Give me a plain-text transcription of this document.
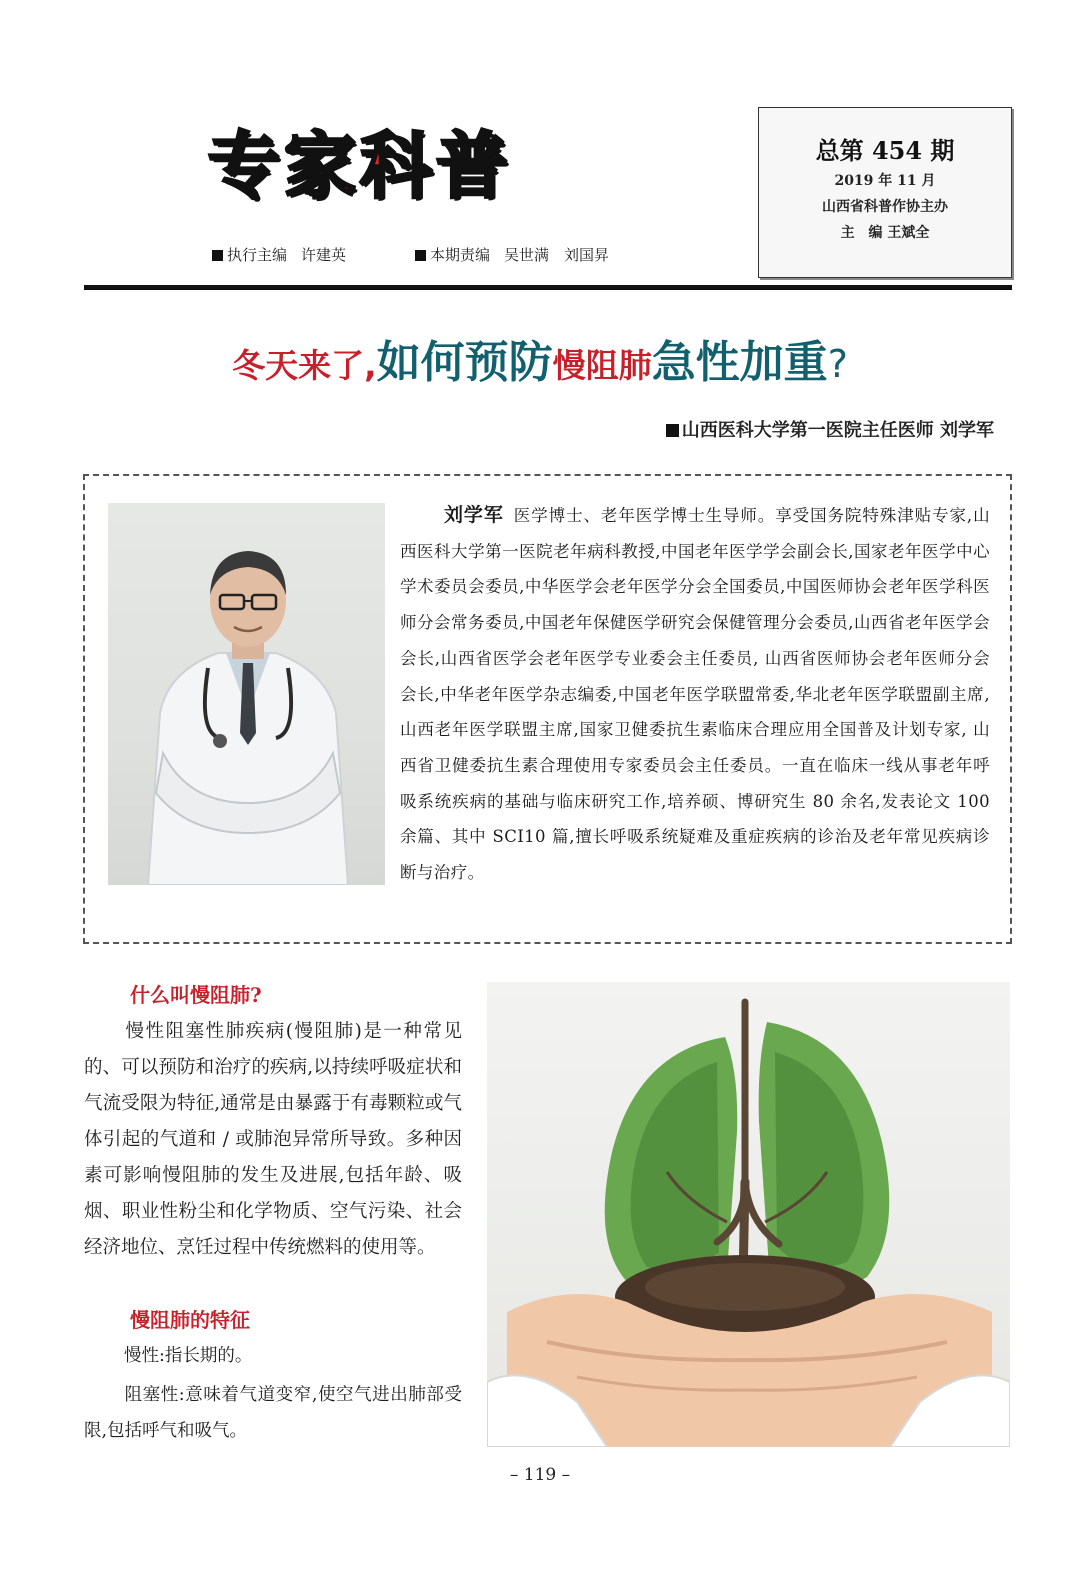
专家科普
执行主编 许建英	本期责编 吴世满　刘国昇
总第 454 期
2019 年 11 月
山西省科普作协主办
主　编 王斌全
冬天来了,如何预防慢阻肺急性加重?
山西医科大学第一医院主任医师 刘学军
刘学军 医学博士、老年医学博士生导师。享受国务院特殊津贴专家,山西医科大学第一医院老年病科教授,中国老年医学学会副会长,国家老年医学中心学术委员会委员,中华医学会老年医学分会全国委员,中国医师协会老年医学科医师分会常务委员,中国老年保健医学研究会保健管理分会委员,山西省老年医学会会长,山西省医学会老年医学专业委会主任委员, 山西省医师协会老年医师分会会长,中华老年医学杂志编委,中国老年医学联盟常委,华北老年医学联盟副主席,山西老年医学联盟主席,国家卫健委抗生素临床合理应用全国普及计划专家, 山西省卫健委抗生素合理使用专家委员会主任委员。一直在临床一线从事老年呼吸系统疾病的基础与临床研究工作,培养硕、博研究生 80 余名,发表论文 100 余篇、其中 SCI10 篇,擅长呼吸系统疑难及重症疾病的诊治及老年常见疾病诊断与治疗。
什么叫慢阻肺?
慢性阻塞性肺疾病(慢阻肺)是一种常见的、可以预防和治疗的疾病,以持续呼吸症状和气流受限为特征,通常是由暴露于有毒颗粒或气体引起的气道和 / 或肺泡异常所导致。多种因素可影响慢阻肺的发生及进展,包括年龄、吸烟、职业性粉尘和化学物质、空气污染、社会经济地位、烹饪过程中传统燃料的使用等。
慢阻肺的特征
慢性:指长期的。
阻塞性:意味着气道变窄,使空气进出肺部受限,包括呼气和吸气。
– 119 –
